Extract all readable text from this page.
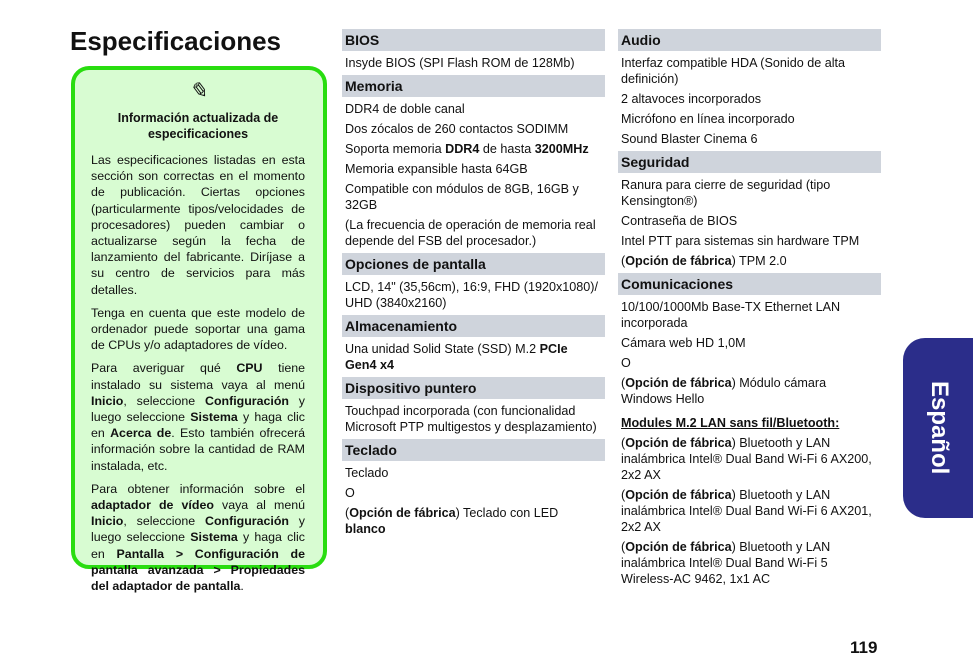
Especificaciones
✎
Información actualizada de especificaciones

Las especificaciones listadas en esta sección son correctas en el momento de publicación. Ciertas opciones (particularmente tipos/velocidades de procesadores) pueden cambiar o actualizarse según la fecha de lanzamiento del fabricante. Diríjase a su centro de servicios para más detalles.

Tenga en cuenta que este modelo de ordenador puede soportar una gama de CPUs y/o adaptadores de vídeo.

Para averiguar qué CPU tiene instalado su sistema vaya al menú Inicio, seleccione Configuración y luego seleccione Sistema y haga clic en Acerca de. Esto también ofrecerá información sobre la cantidad de RAM instalada, etc.

Para obtener información sobre el adaptador de vídeo vaya al menú Inicio, seleccione Configuración y luego seleccione Sistema y haga clic en Pantalla > Configuración de pantalla avanzada > Propiedades del adaptador de pantalla.

BIOS
Insyde BIOS (SPI Flash ROM de 128Mb)
Memoria
DDR4 de doble canal
Dos zócalos de 260 contactos SODIMM
Soporta memoria DDR4 de hasta 3200MHz
Memoria expansible hasta 64GB
Compatible con módulos de 8GB, 16GB y 32GB
(La frecuencia de operación de memoria real depende del FSB del procesador.)
Opciones de pantalla
LCD, 14" (35,56cm), 16:9, FHD (1920x1080)/ UHD (3840x2160)
Almacenamiento
Una unidad Solid State (SSD) M.2 PCIe Gen4 x4
Dispositivo puntero
Touchpad incorporada (con funcionalidad Microsoft PTP multigestos y desplazamiento)
Teclado
Teclado
O
(Opción de fábrica) Teclado con LED blanco
Audio
Interfaz compatible HDA (Sonido de alta definición)
2 altavoces incorporados
Micrófono en línea incorporado
Sound Blaster Cinema 6
Seguridad
Ranura para cierre de seguridad (tipo Kensington®)
Contraseña de BIOS
Intel PTT para sistemas sin hardware TPM
(Opción de fábrica) TPM 2.0
Comunicaciones
10/100/1000Mb Base-TX Ethernet LAN incorporada
Cámara web HD 1,0M
O
(Opción de fábrica) Módulo cámara Windows Hello
Modules M.2 LAN sans fil/Bluetooth:
(Opción de fábrica) Bluetooth y LAN inalámbrica Intel® Dual Band Wi-Fi 6 AX200, 2x2 AX
(Opción de fábrica) Bluetooth y LAN inalámbrica Intel® Dual Band Wi-Fi 6 AX201, 2x2 AX
(Opción de fábrica) Bluetooth y LAN inalámbrica Intel® Dual Band Wi-Fi 5 Wireless-AC 9462, 1x1 AC
Español
119
